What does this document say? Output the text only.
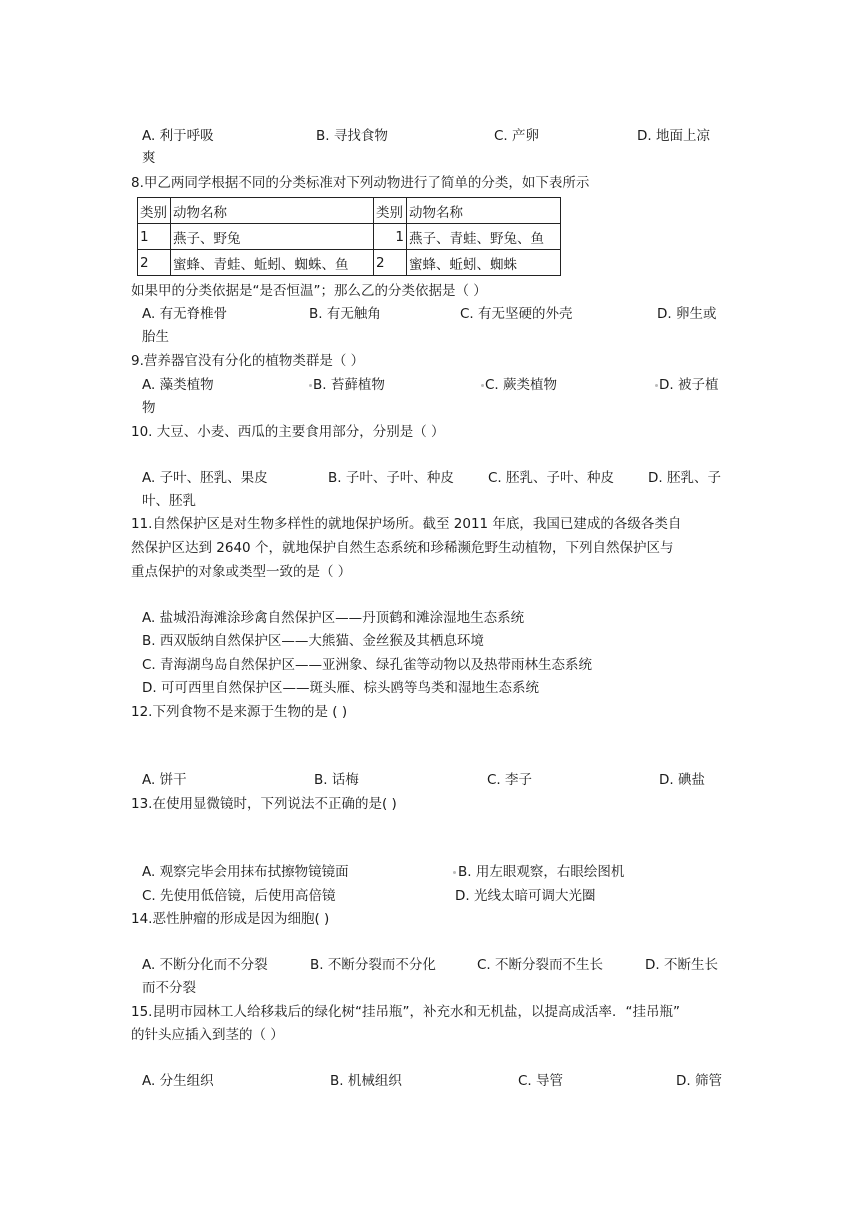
A. 利于呼吸	B. 寻找食物	C. 产卵	D. 地面上凉
爽
8.甲乙两同学根据不同的分类标准对下列动物进行了简单的分类，如下表所示
类别	动物名称	类别	动物名称
1	燕子、野兔	1	燕子、青蛙、野兔、鱼
2	蜜蜂、青蛙、蚯蚓、蜘蛛、鱼	2	蜜蜂、蚯蚓、蜘蛛
如果甲的分类依据是“是否恒温”；那么乙的分类依据是（ ）
A. 有无脊椎骨	B. 有无触角	C. 有无坚硬的外壳	D. 卵生或
胎生
9.营养器官没有分化的植物类群是（ ）
A. 藻类植物	B. 苔藓植物	C. 蕨类植物	D. 被子植
物
10. 大豆、小麦、西瓜的主要食用部分，分别是（ ）
A. 子叶、胚乳、果皮	B. 子叶、子叶、种皮	C. 胚乳、子叶、种皮	D. 胚乳、子
叶、胚乳
11.自然保护区是对生物多样性的就地保护场所。截至 2011 年底，我国已建成的各级各类自
然保护区达到 2640 个，就地保护自然生态系统和珍稀濒危野生动植物，下列自然保护区与
重点保护的对象或类型一致的是（ ）
A. 盐城沿海滩涂珍禽自然保护区——丹顶鹤和滩涂湿地生态系统
B. 西双版纳自然保护区——大熊猫、金丝猴及其栖息环境
C. 青海湖鸟岛自然保护区——亚洲象、绿孔雀等动物以及热带雨林生态系统
D. 可可西里自然保护区——斑头雁、棕头鸥等鸟类和湿地生态系统
12.下列食物不是来源于生物的是 ( )
A. 饼干	B. 话梅	C. 李子	D. 碘盐
13.在使用显微镜时，下列说法不正确的是( )
A. 观察完毕会用抹布拭擦物镜镜面	B. 用左眼观察，右眼绘图机
C. 先使用低倍镜，后使用高倍镜	D. 光线太暗可调大光圈
14.恶性肿瘤的形成是因为细胞( )
A. 不断分化而不分裂	B. 不断分裂而不分化	C. 不断分裂而不生长	D. 不断生长
而不分裂
15.昆明市园林工人给移栽后的绿化树“挂吊瓶”，补充水和无机盐，以提高成活率．“挂吊瓶”
的针头应插入到茎的（ ）
A. 分生组织	B. 机械组织	C. 导管	D. 筛管
